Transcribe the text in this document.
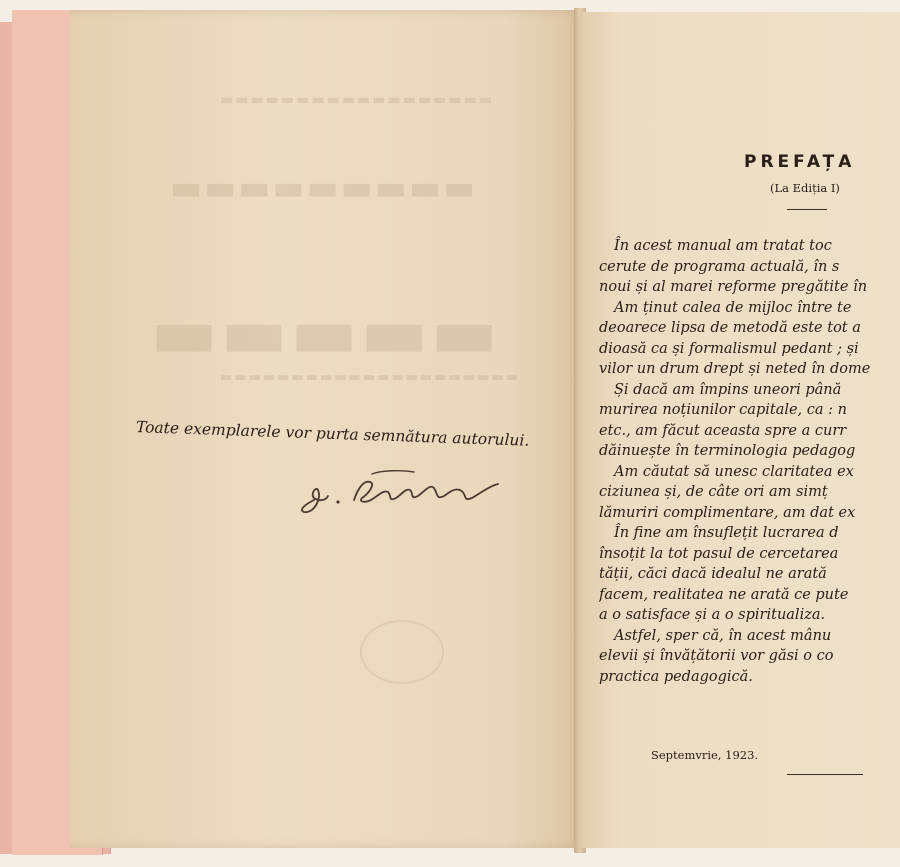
▬▬▬▬▬▬▬▬▬▬▬▬▬▬▬▬▬▬
▬▬▬▬▬▬▬▬▬
▬▬▬▬▬
▬▬▬▬▬▬▬▬▬▬▬▬▬▬▬▬▬▬▬▬▬

Toate exemplarele vor purta semnătura autorului.

PREFAȚA

(La Ediția I)

În acest manual am tratat toc
cerute de programa actuală, în s
noui și al marei reforme pregătite în
Am ținut calea de mijloc între te
deoarece lipsa de metodă este tot a
dioasă ca și formalismul pedant ; și
vilor un drum drept și neted în dome
Și dacă am împins uneori până
murirea noțiunilor capitale, ca : n
etc., am făcut aceasta spre a curr
dăinuește în terminologia pedagog
Am căutat să unesc claritatea ex
ciziunea și, de câte ori am simț
lămuriri complimentare, am dat ex
În fine am însuflețit lucrarea d
însoțit la tot pasul de cercetarea
tății, căci dacă idealul ne arată
facem, realitatea ne arată ce pute
a o satisface și a o spiritualiza.
Astfel, sper că, în acest mânu
elevii și învățătorii vor găsi o co
practica pedagogică.

Septemvrie, 1923.
